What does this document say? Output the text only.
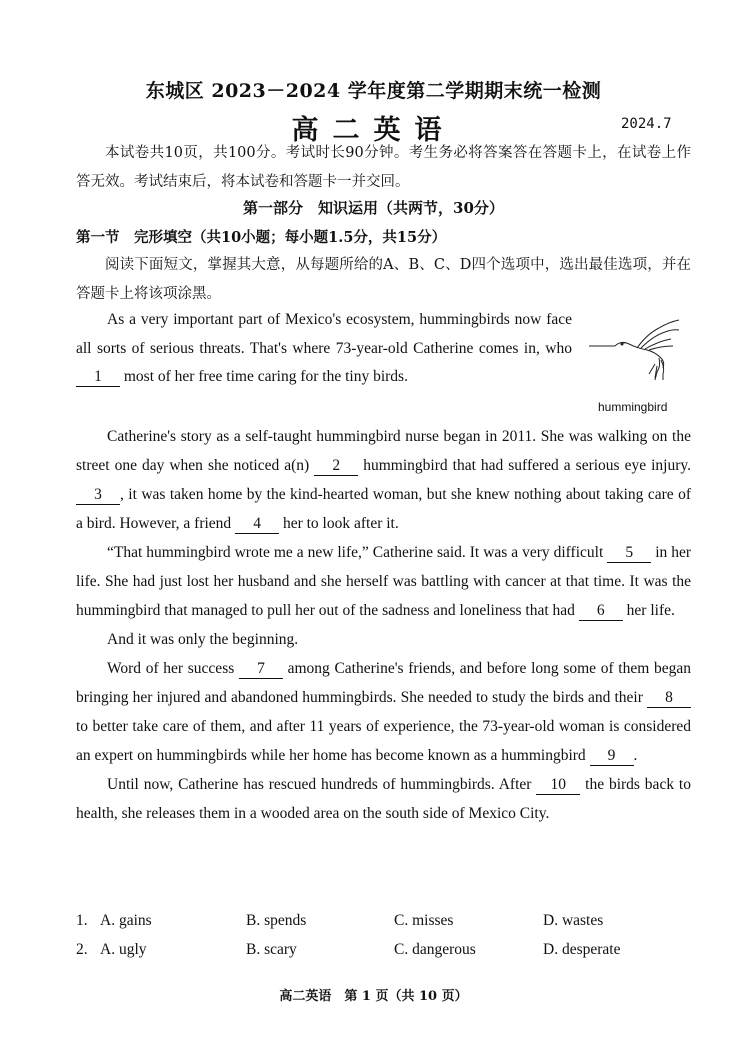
东城区 2023－2024 学年度第二学期期末统一检测
高二英语	2024.7
本试卷共10页，共100分。考试时长90分钟。考生务必将答案答在答题卡上，在试卷上作答无效。考试结束后，将本试卷和答题卡一并交回。
第一部分　知识运用（共两节，30分）
第一节　完形填空（共10小题；每小题1.5分，共15分）
阅读下面短文，掌握其大意，从每题所给的A、B、C、D四个选项中，选出最佳选项，并在答题卡上将该项涂黑。
As a very important part of Mexico's ecosystem, hummingbirds now face all sorts of serious threats. That's where 73-year-old Catherine comes in, who 1 most of her free time caring for the tiny birds.
hummingbird

Catherine's story as a self-taught hummingbird nurse began in 2011. She was walking on the street one day when she noticed a(n) 2 hummingbird that had suffered a serious eye injury. 3 , it was taken home by the kind-hearted woman, but she knew nothing about taking care of a bird. However, a friend 4 her to look after it.

“That hummingbird wrote me a new life,” Catherine said. It was a very difficult 5 in her life. She had just lost her husband and she herself was battling with cancer at that time. It was the hummingbird that managed to pull her out of the sadness and loneliness that had 6 her life.

And it was only the beginning.

Word of her success 7 among Catherine's friends, and before long some of them began bringing her injured and abandoned hummingbirds. She needed to study the birds and their 8 to better take care of them, and after 11 years of experience, the 73-year-old woman is considered an expert on hummingbirds while her home has become known as a hummingbird 9 .

Until now, Catherine has rescued hundreds of hummingbirds. After 10 the birds back to health, she releases them in a wooded area on the south side of Mexico City.

1. A. gains	B. spends	C. misses	D. wastes
2. A. ugly	B. scary	C. dangerous	D. desperate
高二英语　第 1 页（共 10 页）
